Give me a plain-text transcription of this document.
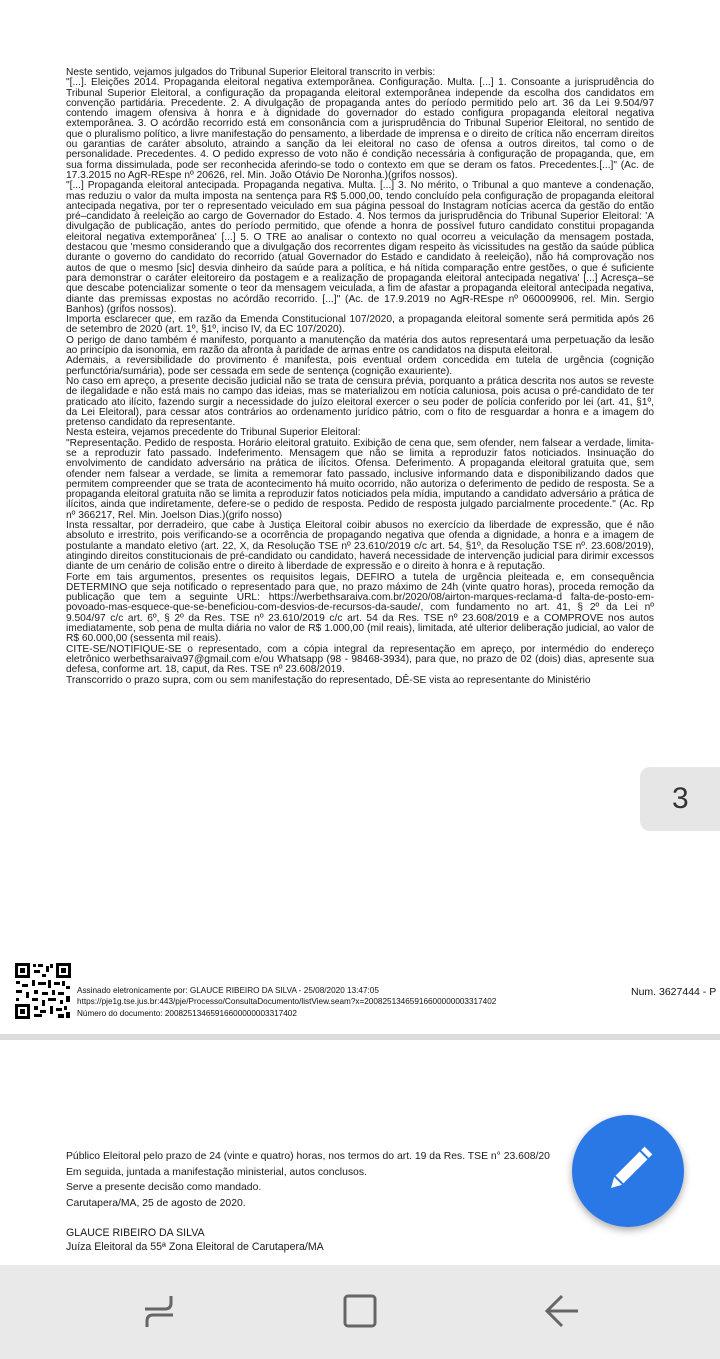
Neste sentido, vejamos julgados do Tribunal Superior Eleitoral transcrito in verbis:

"[...]. Eleições 2014. Propaganda eleitoral negativa extemporânea. Configuração. Multa. [...] 1. Consoante a jurisprudência do Tribunal Superior Eleitoral, a configuração da propaganda eleitoral extemporânea independe da escolha dos candidatos em convenção partidária. Precedente. 2. A divulgação de propaganda antes do período permitido pelo art. 36 da Lei 9.504/97 contendo imagem ofensiva à honra e à dignidade do governador do estado configura propaganda eleitoral negativa extemporânea. 3. O acórdão recorrido está em consonância com a jurisprudência do Tribunal Superior Eleitoral, no sentido de que o pluralismo político, a livre manifestação do pensamento, a liberdade de imprensa e o direito de crítica não encerram direitos ou garantias de caráter absoluto, atraindo a sanção da lei eleitoral no caso de ofensa a outros direitos, tal como o de personalidade. Precedentes. 4. O pedido expresso de voto não é condição necessária à configuração de propaganda, que, em sua forma dissimulada, pode ser reconhecida aferindo-se todo o contexto em que se deram os fatos. Precedentes.[...]" (Ac. de 17.3.2015 no AgR-REspe nº 20626, rel. Min. João Otávio De Noronha.)(grifos nossos).

"[...] Propaganda eleitoral antecipada. Propaganda negativa. Multa. [...] 3. No mérito, o Tribunal a quo manteve a condenação, mas reduziu o valor da multa imposta na sentença para R$ 5.000,00, tendo concluído pela configuração de propaganda eleitoral antecipada negativa, por ter o representado veiculado em sua página pessoal do Instagram notícias acerca da gestão do então pré–candidato à reeleição ao cargo de Governador do Estado. 4. Nos termos da jurisprudência do Tribunal Superior Eleitoral: 'A divulgação de publicação, antes do período permitido, que ofende a honra de possível futuro candidato constitui propaganda eleitoral negativa extemporânea' [...] 5. O TRE ao analisar o contexto no qual ocorreu a veiculação da mensagem postada, destacou que 'mesmo considerando que a divulgação dos recorrentes digam respeito às vicissitudes na gestão da saúde pública durante o governo do candidato do recorrido (atual Governador do Estado e candidato à reeleição), não há comprovação nos autos de que o mesmo [sic] desvia dinheiro da saúde para a política, e há nítida comparação entre gestões, o que é suficiente para demonstrar o caráter eleitoreiro da postagem e a realização de propaganda eleitoral antecipada negativa' [...] Acresça–se que descabe potencializar somente o teor da mensagem veiculada, a fim de afastar a propaganda eleitoral antecipada negativa, diante das premissas expostas no acórdão recorrido. [...]" (Ac. de 17.9.2019 no AgR-REspe nº 060009906, rel. Min. Sergio Banhos) (grifos nossos).

Importa esclarecer que, em razão da Emenda Constitucional 107/2020, a propaganda eleitoral somente será permitida após 26 de setembro de 2020 (art. 1º, §1º, inciso IV, da EC 107/2020).

O perigo de dano também é manifesto, porquanto a manutenção da matéria dos autos representará uma perpetuação da lesão ao princípio da isonomia, em razão da afronta à paridade de armas entre os candidatos na disputa eleitoral.

Ademais, a reversibilidade do provimento é manifesta, pois eventual ordem concedida em tutela de urgência (cognição perfunctória/sumária), pode ser cessada em sede de sentença (cognição exauriente).

No caso em apreço, a presente decisão judicial não se trata de censura prévia, porquanto a prática descrita nos autos se reveste de ilegalidade e não está mais no campo das ideias, mas se materializou em notícia caluniosa, pois acusa o pré-candidato de ter praticado ato ilícito, fazendo surgir a necessidade do juízo eleitoral exercer o seu poder de polícia conferido por lei (art. 41, §1º, da Lei Eleitoral), para cessar atos contrários ao ordenamento jurídico pátrio, com o fito de resguardar a honra e a imagem do pretenso candidato da representante.

Nesta esteira, vejamos precedente do Tribunal Superior Eleitoral:

"Representação. Pedido de resposta. Horário eleitoral gratuito. Exibição de cena que, sem ofender, nem falsear a verdade, limita-se a reproduzir fato passado. Indeferimento. Mensagem que não se limita a reproduzir fatos noticiados. Insinuação do envolvimento de candidato adversário na prática de ilícitos. Ofensa. Deferimento. A propaganda eleitoral gratuita que, sem ofender nem falsear a verdade, se limita a rememorar fato passado, inclusive informando data e disponibilizando dados que permitem compreender que se trata de acontecimento há muito ocorrido, não autoriza o deferimento de pedido de resposta. Se a propaganda eleitoral gratuita não se limita a reproduzir fatos noticiados pela mídia, imputando a candidato adversário a prática de ilícitos, ainda que indiretamente, defere-se o pedido de resposta. Pedido de resposta julgado parcialmente procedente." (Ac. Rp nº 366217, Rel. Min. Joelson Dias.)(grifo nosso)

Insta ressaltar, por derradeiro, que cabe à Justiça Eleitoral coibir abusos no exercício da liberdade de expressão, que é não absoluto e irrestrito, pois verificando-se a ocorrência de propagando negativa que ofenda a dignidade, a honra e a imagem de postulante a mandato eletivo (art. 22, X, da Resolução TSE nº 23.610/2019 c/c art. 54, §1º, da Resolução TSE nº. 23.608/2019), atingindo direitos constitucionais de pré-candidato ou candidato, haverá necessidade de intervenção judicial para dirimir excessos diante de um cenário de colisão entre o direito à liberdade de expressão e o direito à honra e à reputação.

Forte em tais argumentos, presentes os requisitos legais, DEFIRO a tutela de urgência pleiteada e, em consequência DETERMINO que seja notificado o representado para que, no prazo máximo de 24h (vinte quatro horas), proceda remoção da publicação que tem a seguinte URL: https://werbethsaraiva.com.br/2020/08/airton-marques-reclama-d falta-de-posto-em-povoado-mas-esquece-que-se-beneficiou-com-desvios-de-recursos-da-saude/, com fundamento no art. 41, § 2º da Lei nº 9.504/97 c/c art. 6º, § 2º da Res. TSE nº 23.610/2019 c/c art. 54 da Res. TSE nº 23.608/2019 e a COMPROVE nos autos imediatamente, sob pena de multa diária no valor de R$ 1.000,00 (mil reais), limitada, até ulterior deliberação judicial, ao valor de R$ 60.000,00 (sessenta mil reais).

CITE-SE/NOTIFIQUE-SE o representado, com a cópia integral da representação em apreço, por intermédio do endereço eletrônico werbethsaraiva97@gmail.com e/ou Whatsapp (98 - 98468-3934), para que, no prazo de 02 (dois) dias, apresente sua defesa, conforme art. 18, caput, da Res. TSE nº 23.608/2019.

Transcorrido o prazo supra, com ou sem manifestação do representado, DÊ-SE vista ao representante do Ministério

Assinado eletronicamente por: GLAUCE RIBEIRO DA SILVA - 25/08/2020 13:47:05
https://pje1g.tse.jus.br:443/pje/Processo/ConsultaDocumento/listView.seam?x=20082513465916600000003317402
Número do documento: 20082513465916600000003317402
Num. 3627444 - P
Público Eleitoral pelo prazo de 24 (vinte e quatro) horas, nos termos do art. 19 da Res. TSE n° 23.608/20
Em seguida, juntada a manifestação ministerial, autos conclusos.
Serve a presente decisão como mandado.
Carutapera/MA, 25 de agosto de 2020.
GLAUCE RIBEIRO DA SILVA
Juíza Eleitoral da 55ª Zona Eleitoral de Carutapera/MA
3
